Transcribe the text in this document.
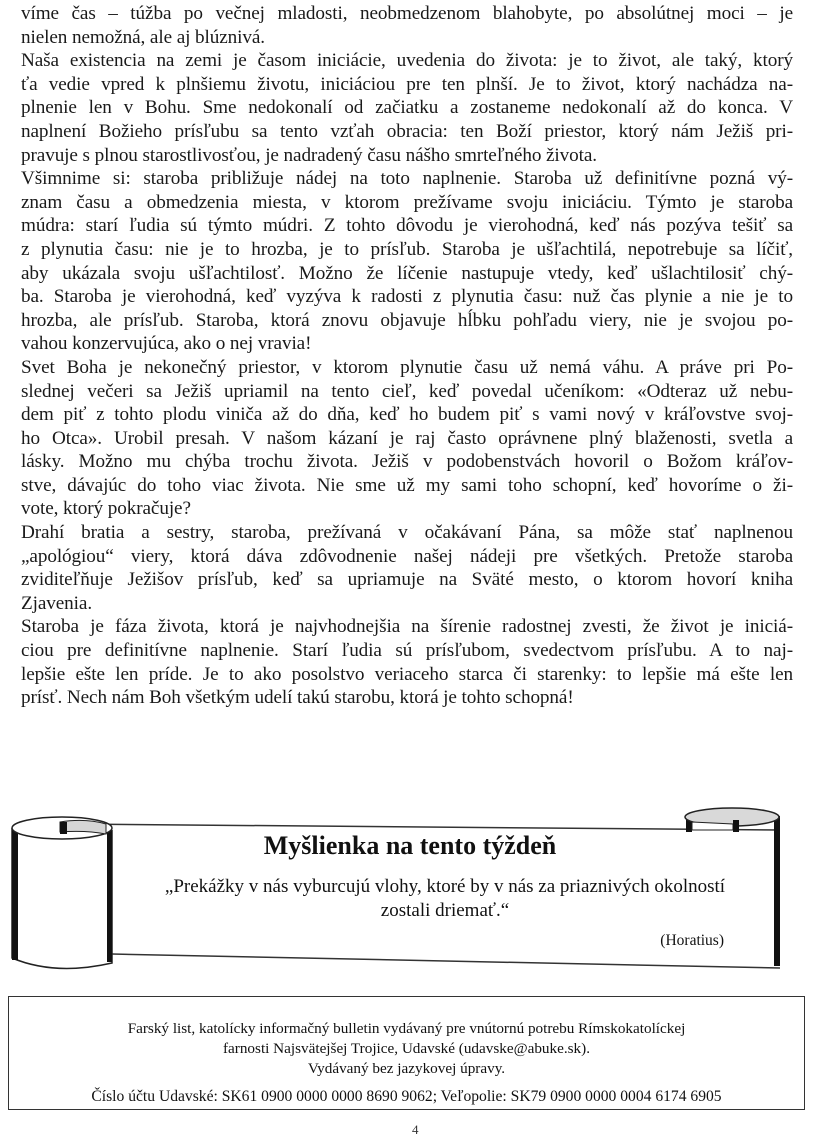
víme čas – túžba po večnej mladosti, neobmedzenom blahobyte, po absolútnej moci – je
nielen nemožná, ale aj blúznivá.
Naša existencia na zemi je časom iniciácie, uvedenia do života: je to život, ale taký, ktorý
ťa vedie vpred k plnšiemu životu, iniciáciou pre ten plnší. Je to život, ktorý nachádza na-
plnenie len v Bohu. Sme nedokonalí od začiatku a zostaneme nedokonalí až do konca. V
naplnení Božieho prísľubu sa tento vzťah obracia: ten Boží priestor, ktorý nám Ježiš pri-
pravuje s plnou starostlivosťou, je nadradený času nášho smrteľného života.
Všimnime si: staroba približuje nádej na toto naplnenie. Staroba už definitívne pozná vý-
znam času a obmedzenia miesta, v ktorom prežívame svoju iniciáciu. Týmto je staroba
múdra: starí ľudia sú týmto múdri. Z tohto dôvodu je vierohodná, keď nás pozýva tešiť sa
z plynutia času: nie je to hrozba, je to prísľub. Staroba je ušľachtilá, nepotrebuje sa líčiť,
aby ukázala svoju ušľachtilosť. Možno že líčenie nastupuje vtedy, keď ušlachtilosiť chý-
ba. Staroba je vierohodná, keď vyzýva k radosti z plynutia času: nuž čas plynie a nie je to
hrozba, ale prísľub. Staroba, ktorá znovu objavuje hĺbku pohľadu viery, nie je svojou po-
vahou konzervujúca, ako o nej vravia!
Svet Boha je nekonečný priestor, v ktorom plynutie času už nemá váhu. A práve pri Po-
slednej večeri sa Ježiš upriamil na tento cieľ, keď povedal učeníkom: «Odteraz už nebu-
dem piť z tohto plodu viniča až do dňa, keď ho budem piť s vami nový v kráľovstve svoj-
ho Otca». Urobil presah. V našom kázaní je raj často oprávnene plný blaženosti, svetla a
lásky. Možno mu chýba trochu života. Ježiš v podobenstvách hovoril o Božom kráľov-
stve, dávajúc do toho viac života. Nie sme už my sami toho schopní, keď hovoríme o ži-
vote, ktorý pokračuje?
Drahí bratia a sestry, staroba, prežívaná v očakávaní Pána, sa môže stať naplnenou
„apológiou“ viery, ktorá dáva zdôvodnenie našej nádeji pre všetkých. Pretože staroba
zviditeľňuje Ježišov prísľub, keď sa upriamuje na Sväté mesto, o ktorom hovorí kniha
Zjavenia.
Staroba je fáza života, ktorá je najvhodnejšia na šírenie radostnej zvesti, že život je iniciá-
ciou pre definitívne naplnenie. Starí ľudia sú prísľubom, svedectvom prísľubu. A to naj-
lepšie ešte len príde. Je to ako posolstvo veriaceho starca či starenky: to lepšie má ešte len
prísť. Nech nám Boh všetkým udelí takú starobu, ktorá je tohto schopná!
Myšlienka na tento týždeň
„Prekážky v nás vyburcujú vlohy, ktoré by v nás za priaznivých okolností
zostali driemať.“
(Horatius)
Farský list, katolícky informačný bulletin vydávaný pre vnútornú potrebu Rímskokatolíckej
farnosti Najsvätejšej Trojice, Udavské (udavske@abuke.sk).
Vydávaný bez jazykovej úpravy.
Číslo účtu Udavské: SK61 0900 0000 0000 8690 9062; Veľopolie: SK79 0900 0000 0004 6174 6905
4
